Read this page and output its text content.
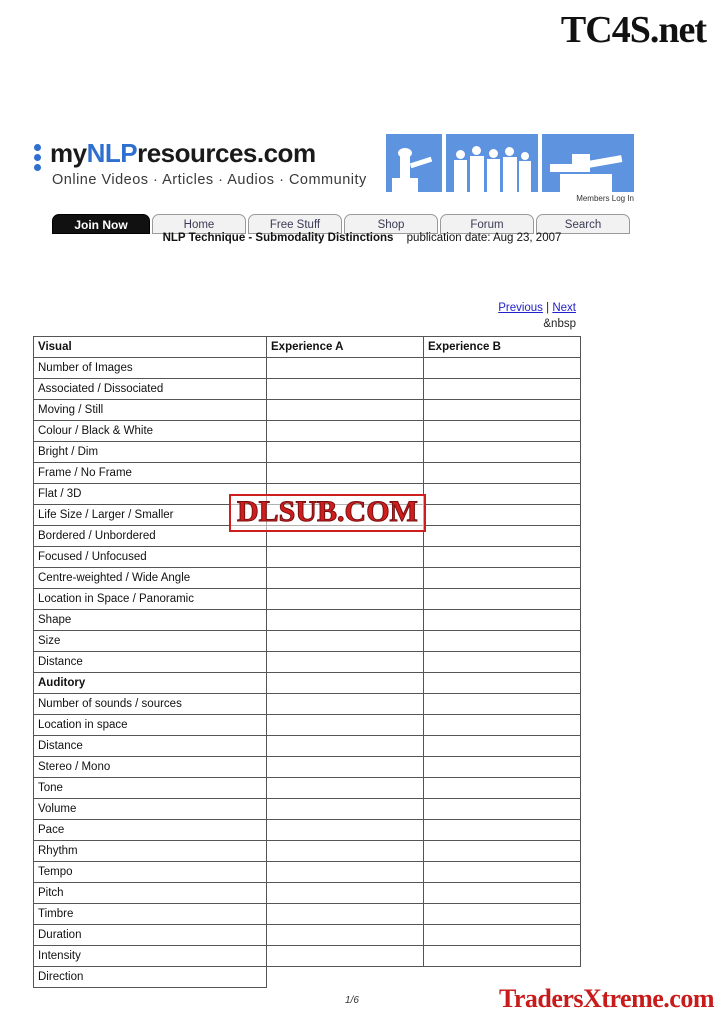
TC4S.net
myNLPresources.com
Online Videos · Articles · Audios · Community
Members Log In
Join Now	Home	Free Stuff	Shop	Forum	Search
NLP Technique - Submodality Distinctions publication date: Aug 23, 2007
Previous | Next
&nbsp
Visual	Experience A	Experience B
Number of Images		
Associated / Dissociated		
Moving / Still		
Colour / Black & White		
Bright / Dim		
Frame / No Frame		
Flat / 3D		
Life Size / Larger / Smaller		
Bordered / Unbordered		
Focused / Unfocused		
Centre-weighted / Wide Angle		
Location in Space / Panoramic		
Shape		
Size		
Distance		
Auditory		
Number of sounds / sources		
Location in space		
Distance		
Stereo / Mono		
Tone		
Volume		
Pace		
Rhythm		
Tempo		
Pitch		
Timbre		
Duration		
Intensity		
Direction		
DLSUB.COM
TradersXtreme.com
1/6
